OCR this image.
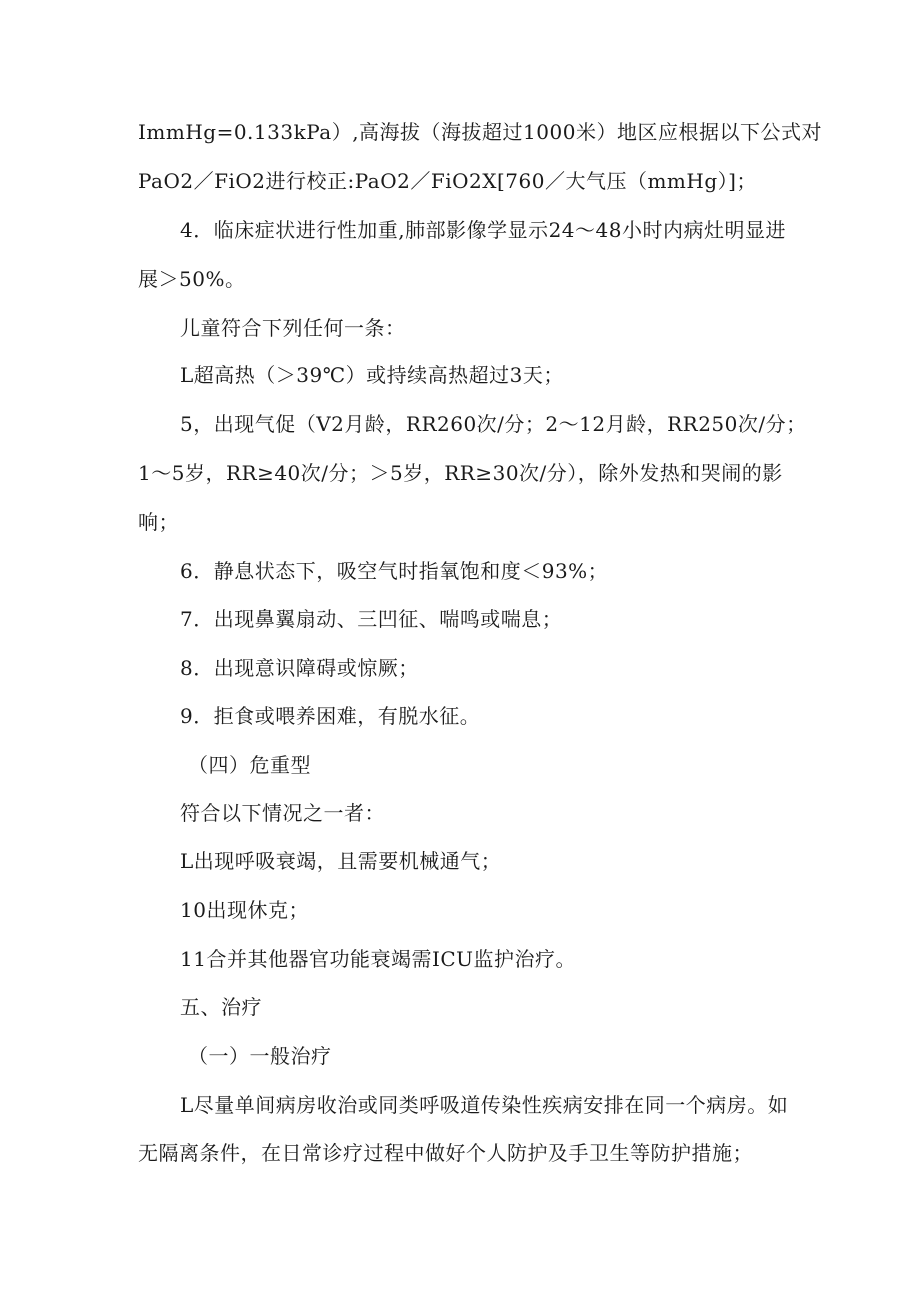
ImmHg=0.133kPa）,高海拔（海拔超过1000米）地区应根据以下公式对
PaO2／FiO2进行校正:PaO2／FiO2X[760／大气压（mmHg）]；
4．临床症状进行性加重,肺部影像学显示24～48小时内病灶明显进
展＞50%。
儿童符合下列任何一条：
L超高热（＞39℃）或持续高热超过3天；
5，出现气促（V2月龄，RR260次/分；2～12月龄，RR250次/分；
1～5岁，RR≥40次/分；＞5岁，RR≥30次/分），除外发热和哭闹的影
响；
6．静息状态下，吸空气时指氧饱和度＜93%；
7．出现鼻翼扇动、三凹征、喘鸣或喘息；
8．出现意识障碍或惊厥；
9．拒食或喂养困难，有脱水征。
（四）危重型
符合以下情况之一者：
L出现呼吸衰竭，且需要机械通气；
10出现休克；
11合并其他器官功能衰竭需ICU监护治疗。
五、治疗
（一）一般治疗
L尽量单间病房收治或同类呼吸道传染性疾病安排在同一个病房。如
无隔离条件，在日常诊疗过程中做好个人防护及手卫生等防护措施；
